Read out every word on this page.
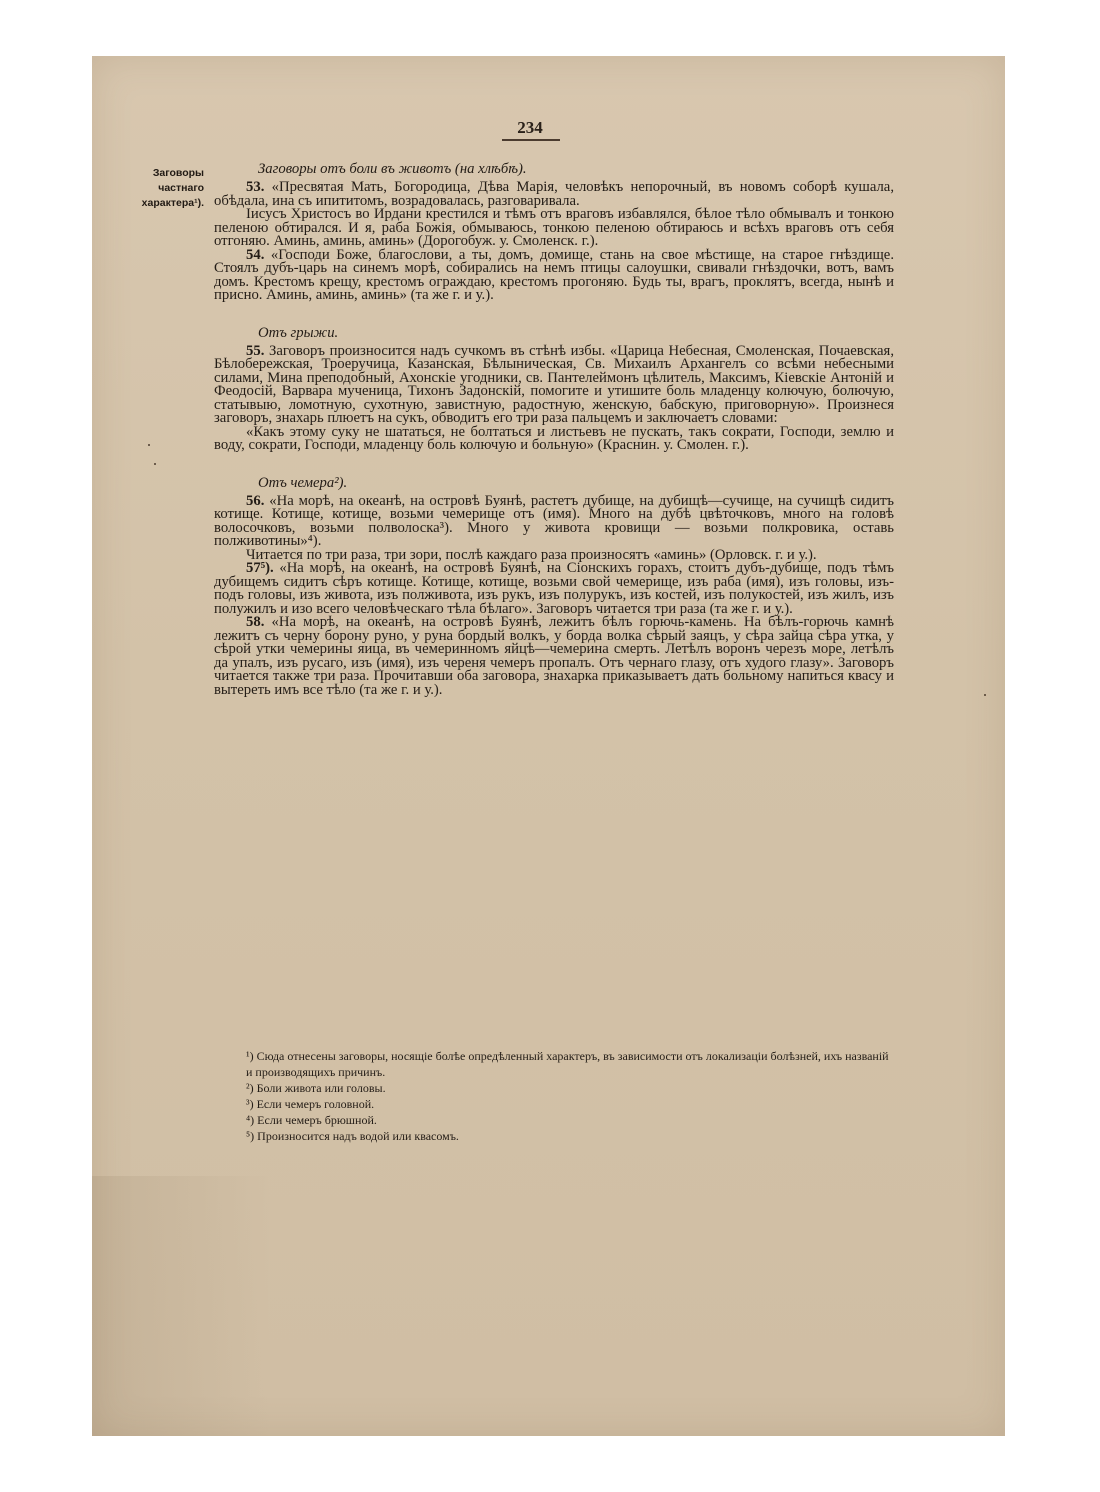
234
Заговоры
частнаго
характера¹).

Заговоры отъ боли въ животъ (на хлѣбѣ).

53. «Пресвятая Мать, Богородица, Дѣва Марія, человѣкъ непорочный, въ новомъ соборѣ кушала, обѣдала, ина съ ипититомъ, возрадовалась, разговаривала.

Іисусъ Христосъ во Ирдани крестился и тѣмъ отъ враговъ избавлялся, бѣлое тѣло обмывалъ и тонкою пеленою обтирался. И я, раба Божія, обмываюсь, тонкою пеленою обтираюсь и всѣхъ враговъ отъ себя отгоняю. Аминь, аминь, аминь» (Дорогобуж. у. Смоленск. г.).

54. «Господи Боже, благослови, а ты, домъ, домище, стань на свое мѣстище, на старое гнѣздище. Стоялъ дубъ-царь на синемъ морѣ, собирались на немъ птицы салоушки, свивали гнѣздочки, вотъ, вамъ домъ. Крестомъ крещу, крестомъ ограждаю, крестомъ прогоняю. Будь ты, врагъ, проклятъ, всегда, нынѣ и присно. Аминь, аминь, аминь» (та же г. и у.).

Отъ грыжи.

55. Заговоръ произносится надъ сучкомъ въ стѣнѣ избы. «Царица Небесная, Смоленская, Почаевская, Бѣлобережская, Троеручица, Казанская, Бѣлыническая, Св. Михаилъ Архангелъ со всѣми небесными силами, Мина преподобный, Ахонскіе угодники, св. Пантелеймонъ цѣлитель, Максимъ, Кіевскіе Антоній и Феодосій, Варвара мученица, Тихонъ Задонскій, помогите и утишите боль младенцу колючую, болючую, статывыю, ломотную, сухотную, завистную, радостную, женскую, бабскую, приговорную». Произнеся заговоръ, знахарь плюетъ на сукъ, обводитъ его три раза пальцемъ и заключаетъ словами:

«Какъ этому суку не шататься, не болтаться и листьевъ не пускать, такъ сократи, Господи, землю и воду, сократи, Господи, младенцу боль колючую и больную» (Краснин. у. Смолен. г.).

Отъ чемера²).

56. «На морѣ, на океанѣ, на островѣ Буянѣ, растетъ дубище, на дубищѣ—сучище, на сучищѣ сидитъ котище. Котище, котище, возьми чемерище отъ (имя). Много на дубѣ цвѣточковъ, много на головѣ волосочковъ, возьми полволоска³). Много у живота кровищи — возьми полкровика, оставь полживотины»⁴).

Читается по три раза, три зори, послѣ каждаго раза произносятъ «аминь» (Орловск. г. и у.).

57⁵). «На морѣ, на океанѣ, на островѣ Буянѣ, на Сіонскихъ горахъ, стоитъ дубъ-дубище, подъ тѣмъ дубищемъ сидитъ сѣръ котище. Котище, котище, возьми свой чемерище, изъ раба (имя), изъ головы, изъ-подъ головы, изъ живота, изъ полживота, изъ рукъ, изъ полурукъ, изъ костей, изъ полукостей, изъ жилъ, изъ полужилъ и изо всего человѣческаго тѣла бѣлаго». Заговоръ читается три раза (та же г. и у.).

58. «На морѣ, на океанѣ, на островѣ Буянѣ, лежитъ бѣлъ горючь-камень. На бѣлъ-горючь камнѣ лежитъ съ черну борону руно, у руна бордый волкъ, у борда волка сѣрый заяцъ, у сѣра зайца сѣра утка, у сѣрой утки чемерины яица, въ чемеринномъ яйцѣ—чемерина смерть. Летѣлъ воронъ черезъ море, летѣлъ да упалъ, изъ русаго, изъ (имя), изъ череня чемеръ пропалъ. Отъ чернаго глазу, отъ худого глазу». Заговоръ читается также три раза. Прочитавши оба заговора, знахарка приказываетъ дать больному напиться квасу и вытереть имъ все тѣло (та же г. и у.).

¹) Сюда отнесены заговоры, носящіе болѣе опредѣленный характеръ, въ зависимости отъ локализаціи болѣзней, ихъ названій и производящихъ причинъ.

²) Боли живота или головы.

³) Если чемеръ головной.

⁴) Если чемеръ брюшной.

⁵) Произносится надъ водой или квасомъ.
